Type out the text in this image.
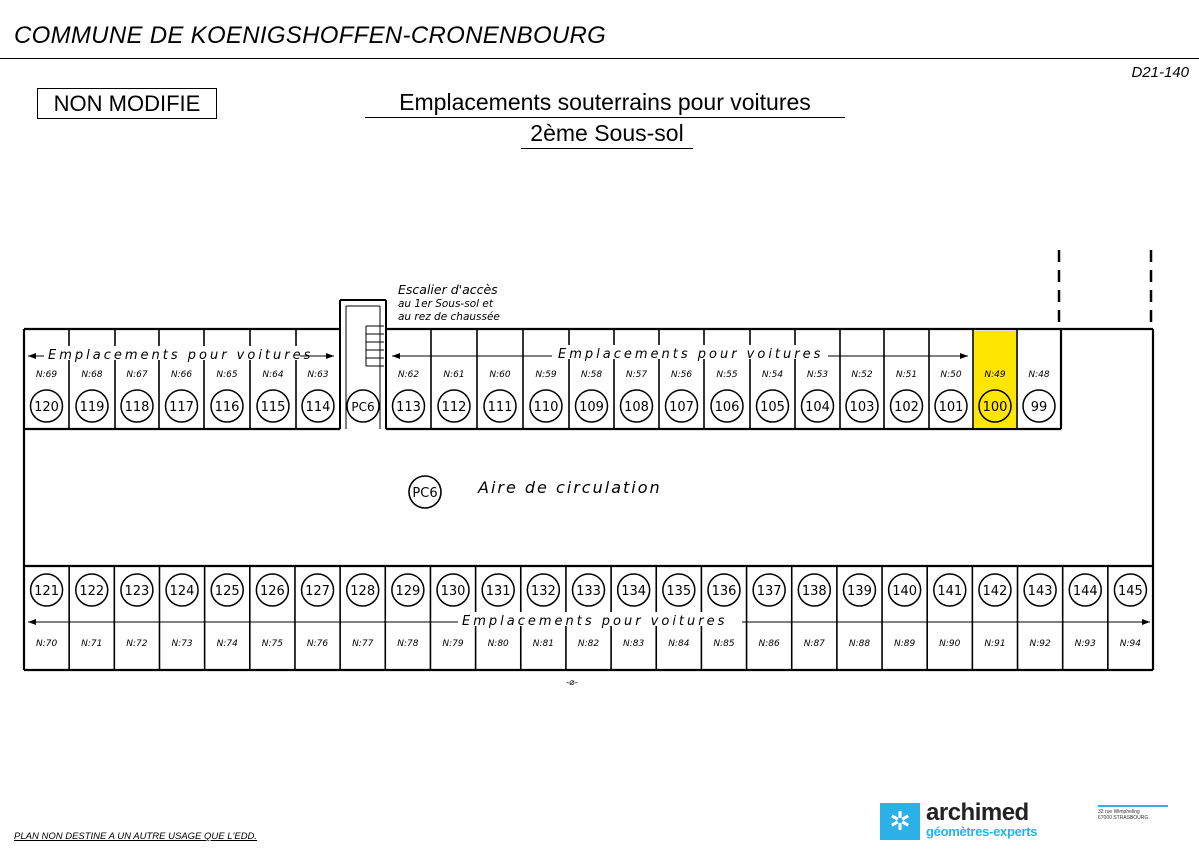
COMMUNE DE KOENIGSHOFFEN-CRONENBOURG
D21-140
NON MODIFIE	Emplacements souterrains pour voitures
2ème Sous-sol
Escalier d'accès
au 1er Sous-sol et
au rez de chaussée
N:69
120
N:68
119
N:67
118
N:66
117
N:65
116
N:64
115
N:63
114 PC6
N:62
113
N:61
112
N:60
111
N:59
110
N:58
109
N:57
108
N:56
107
N:55
106
N:54
105
N:53
104
N:52
103
N:51
102
N:50
101
N:49
100
N:48
99
121
N:70
122
N:71
123
N:72
124
N:73
125
N:74
126
N:75
127
N:76
128
N:77
129
N:78
130
N:79
131
N:80
132
N:81
133
N:82
134
N:83
135
N:84
136
N:85
137
N:86
138
N:87
139
N:88
140
N:89
141
N:90
142
N:91
143
N:92
144
N:93
145
N:94
Emplacements pour voitures	Emplacements pour voitures
Emplacements pour voitures
PC6	Aire de circulation
-⌀-
PLAN NON DESTINE A UN AUTRE USAGE QUE L'EDD.
✲ archimed
géomètres-experts
32 rue Wimpheling
67000 STRASBOURG
